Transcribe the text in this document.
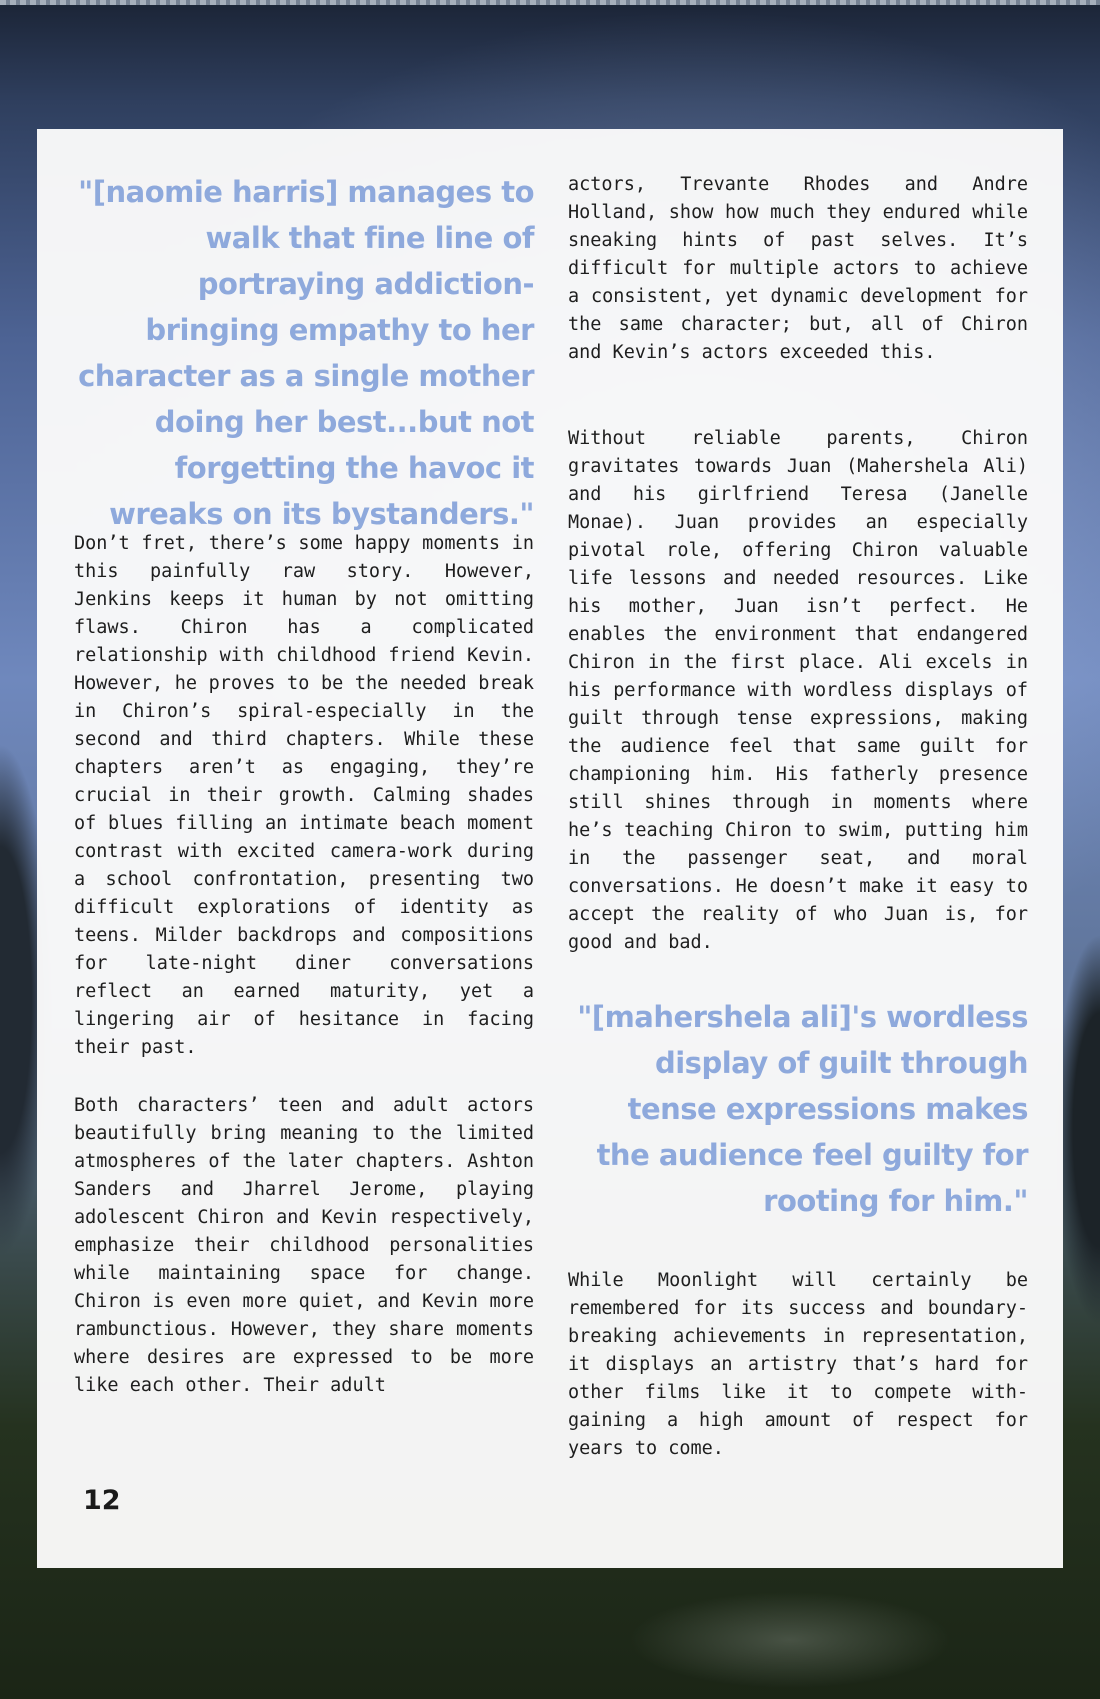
"[naomie harris] manages to walk that fine line of portraying addiction-bringing empathy to her character as a single mother doing her best...but not forgetting the havoc it wreaks on its bystanders."

Don’t fret, there’s some happy moments in this painfully raw story. However, Jenkins keeps it human by not omitting flaws. Chiron has a complicated relationship with childhood friend Kevin. However, he proves to be the needed break in Chiron’s spiral-especially in the second and third chapters. While these chapters aren’t as engaging, they’re crucial in their growth. Calming shades of blues filling an intimate beach moment contrast with excited camera-work during a school confrontation, presenting two difficult explorations of identity as teens. Milder backdrops and compositions for late-night diner conversations reflect an earned maturity, yet a lingering air of hesitance in facing their past.

Both characters’ teen and adult actors beautifully bring meaning to the limited atmospheres of the later chapters. Ashton Sanders and Jharrel Jerome, playing adolescent Chiron and Kevin respectively, emphasize their childhood personalities while maintaining space for change. Chiron is even more quiet, and Kevin more rambunctious. However, they share moments where desires are expressed to be more like each other. Their adult

actors, Trevante Rhodes and Andre Holland, show how much they endured while sneaking hints of past selves. It’s difficult for multiple actors to achieve a consistent, yet dynamic development for the same character; but, all of Chiron and Kevin’s actors exceeded this.

Without reliable parents, Chiron gravitates towards Juan (Mahershela Ali) and his girlfriend Teresa (Janelle Monae). Juan provides an especially pivotal role, offering Chiron valuable life lessons and needed resources. Like his mother, Juan isn’t perfect. He enables the environment that endangered Chiron in the first place. Ali excels in his performance with wordless displays of guilt through tense expressions, making the audience feel that same guilt for championing him. His fatherly presence still shines through in moments where he’s teaching Chiron to swim, putting him in the passenger seat, and moral conversations. He doesn’t make it easy to accept the reality of who Juan is, for good and bad.

"[mahershela ali]'s wordless display of guilt through tense expressions makes the audience feel guilty for rooting for him."

While Moonlight will certainly be remembered for its success and boundary-breaking achievements in representation, it displays an artistry that’s hard for other films like it to compete with-gaining a high amount of respect for years to come.

12
